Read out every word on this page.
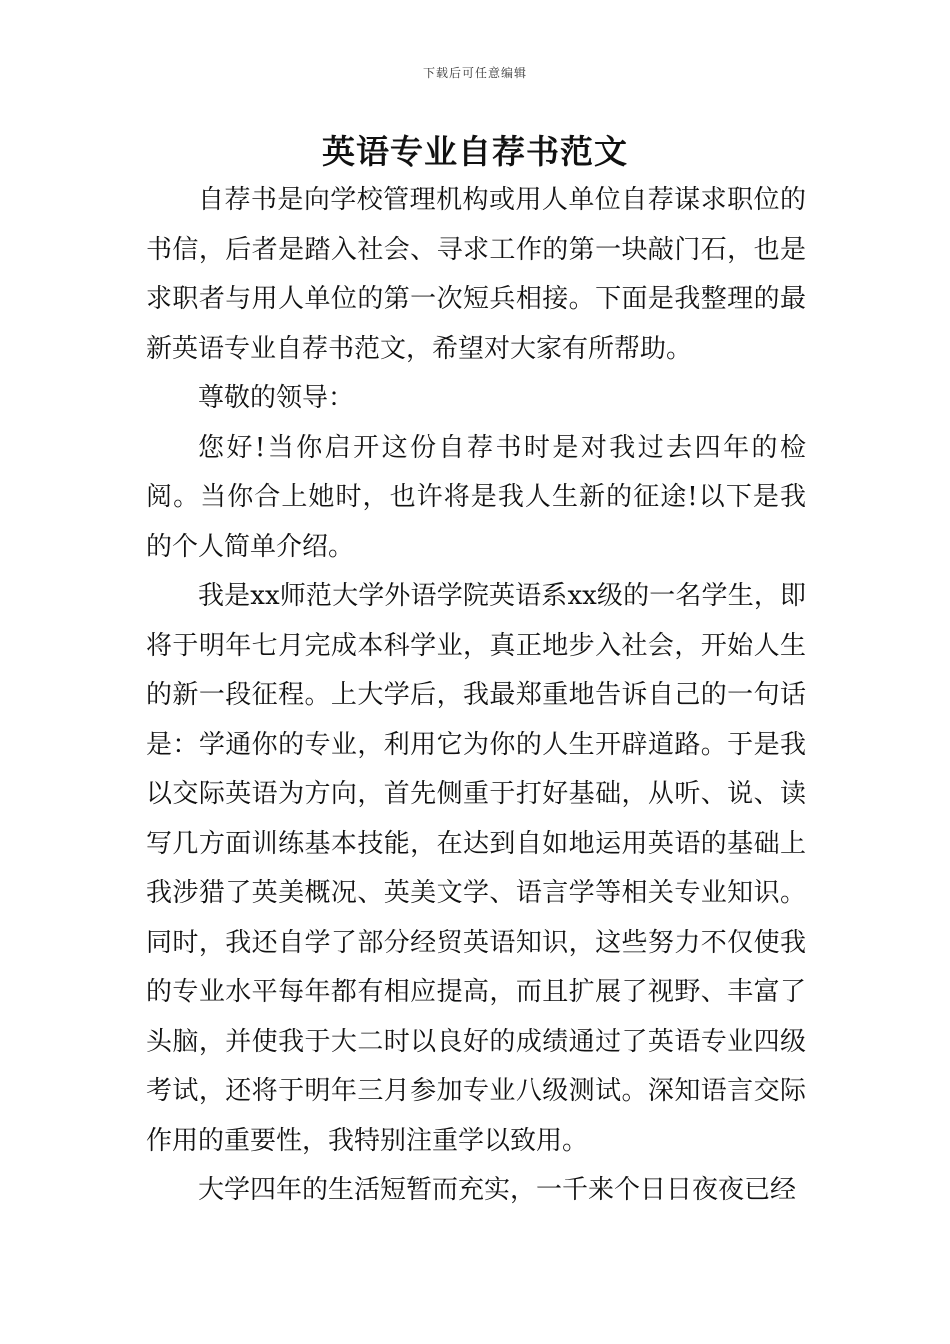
下载后可任意编辑
英语专业自荐书范文

自荐书是向学校管理机构或用人单位自荐谋求职位的书信，后者是踏入社会、寻求工作的第一块敲门石，也是求职者与用人单位的第一次短兵相接。下面是我整理的最新英语专业自荐书范文，希望对大家有所帮助。

尊敬的领导：

您好!当你启开这份自荐书时是对我过去四年的检阅。当你合上她时，也许将是我人生新的征途!以下是我的个人简单介绍。

我是xx师范大学外语学院英语系xx级的一名学生，即将于明年七月完成本科学业，真正地步入社会，开始人生的新一段征程。上大学后，我最郑重地告诉自己的一句话是：学通你的专业，利用它为你的人生开辟道路。于是我以交际英语为方向，首先侧重于打好基础，从听、说、读写几方面训练基本技能，在达到自如地运用英语的基础上我涉猎了英美概况、英美文学、语言学等相关专业知识。同时，我还自学了部分经贸英语知识，这些努力不仅使我的专业水平每年都有相应提高，而且扩展了视野、丰富了头脑，并使我于大二时以良好的成绩通过了英语专业四级考试，还将于明年三月参加专业八级测试。深知语言交际作用的重要性，我特别注重学以致用。

大学四年的生活短暂而充实，一千来个日日夜夜已经
